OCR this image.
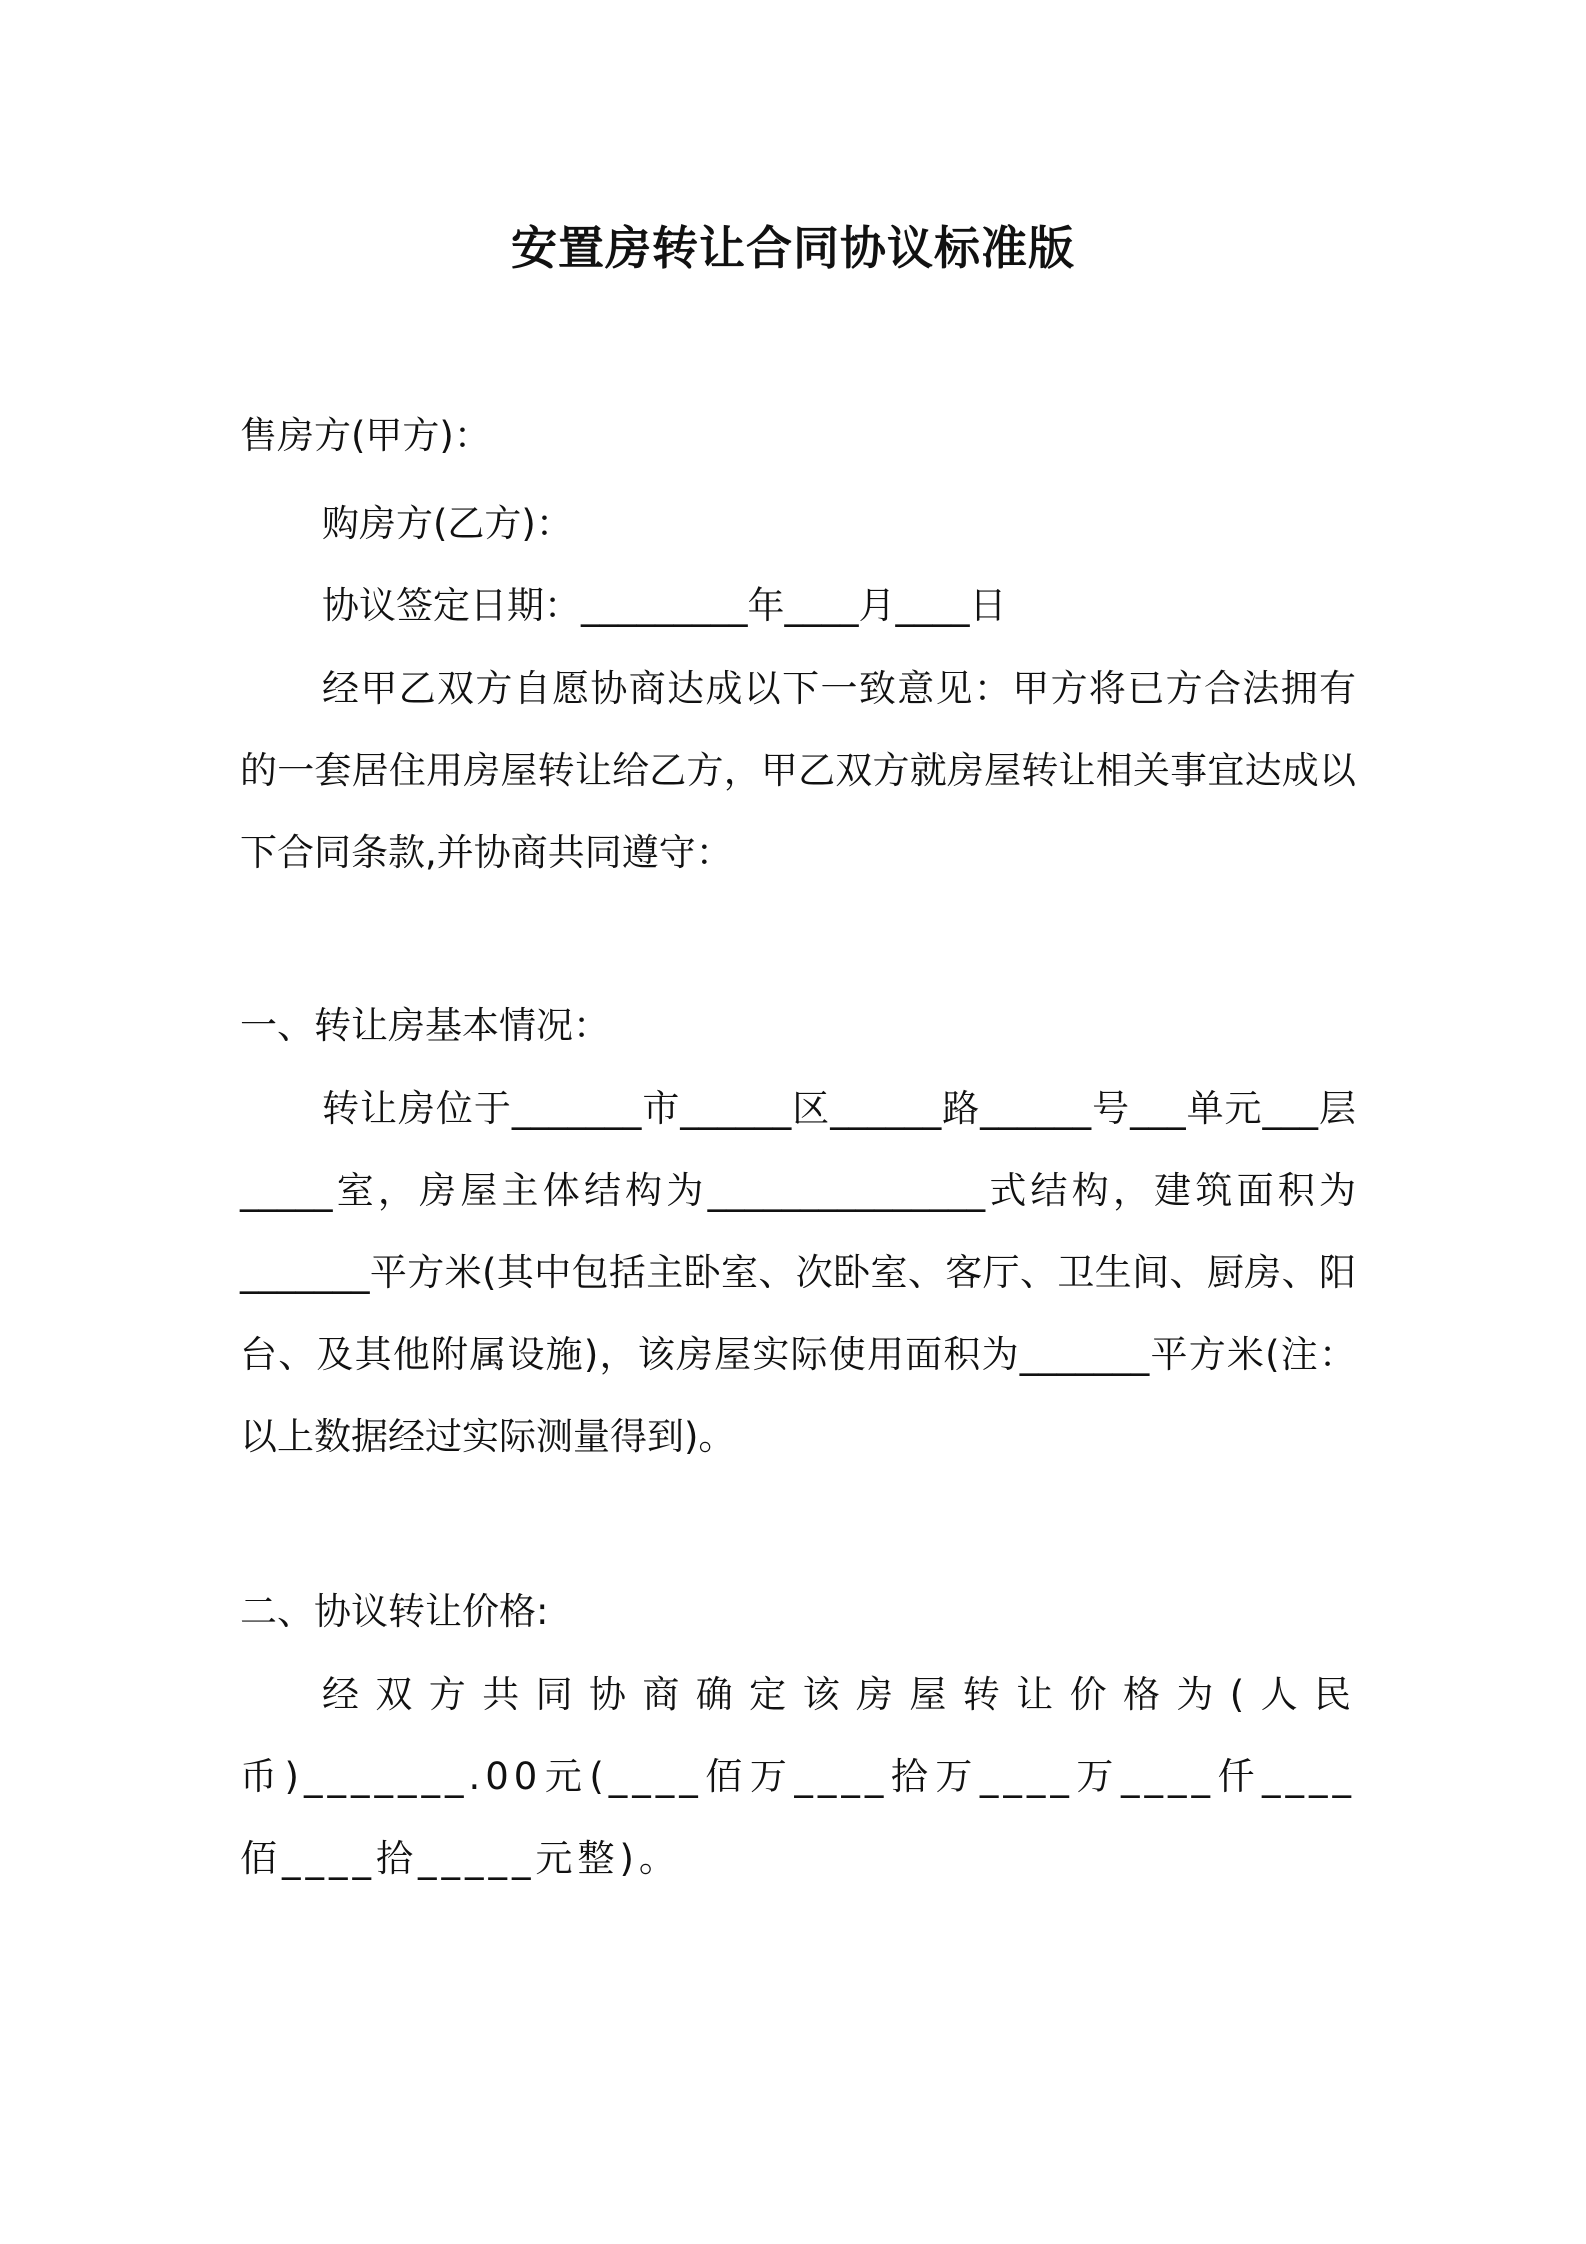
安置房转让合同协议标准版
售房方(甲方)：
购房方(乙方)：
协议签定日期：_________年____月____日

经甲乙双方自愿协商达成以下一致意见：甲方将已方合法拥有的一套居住用房屋转让给乙方，甲乙双方就房屋转让相关事宜达成以下合同条款,并协商共同遵守：

一、转让房基本情况：

转让房位于_______市______区______路______号___单元___层_____室，房屋主体结构为_______________式结构，建筑面积为_______平方米(其中包括主卧室、次卧室、客厅、卫生间、厨房、阳台、及其他附属设施)，该房屋实际使用面积为_______平方米(注：以上数据经过实际测量得到)。

二、协议转让价格:

经双方共同协商确定该房屋转让价格为(人民币)_______.00元(____佰万____拾万____万____仟____佰____拾_____元整)。
